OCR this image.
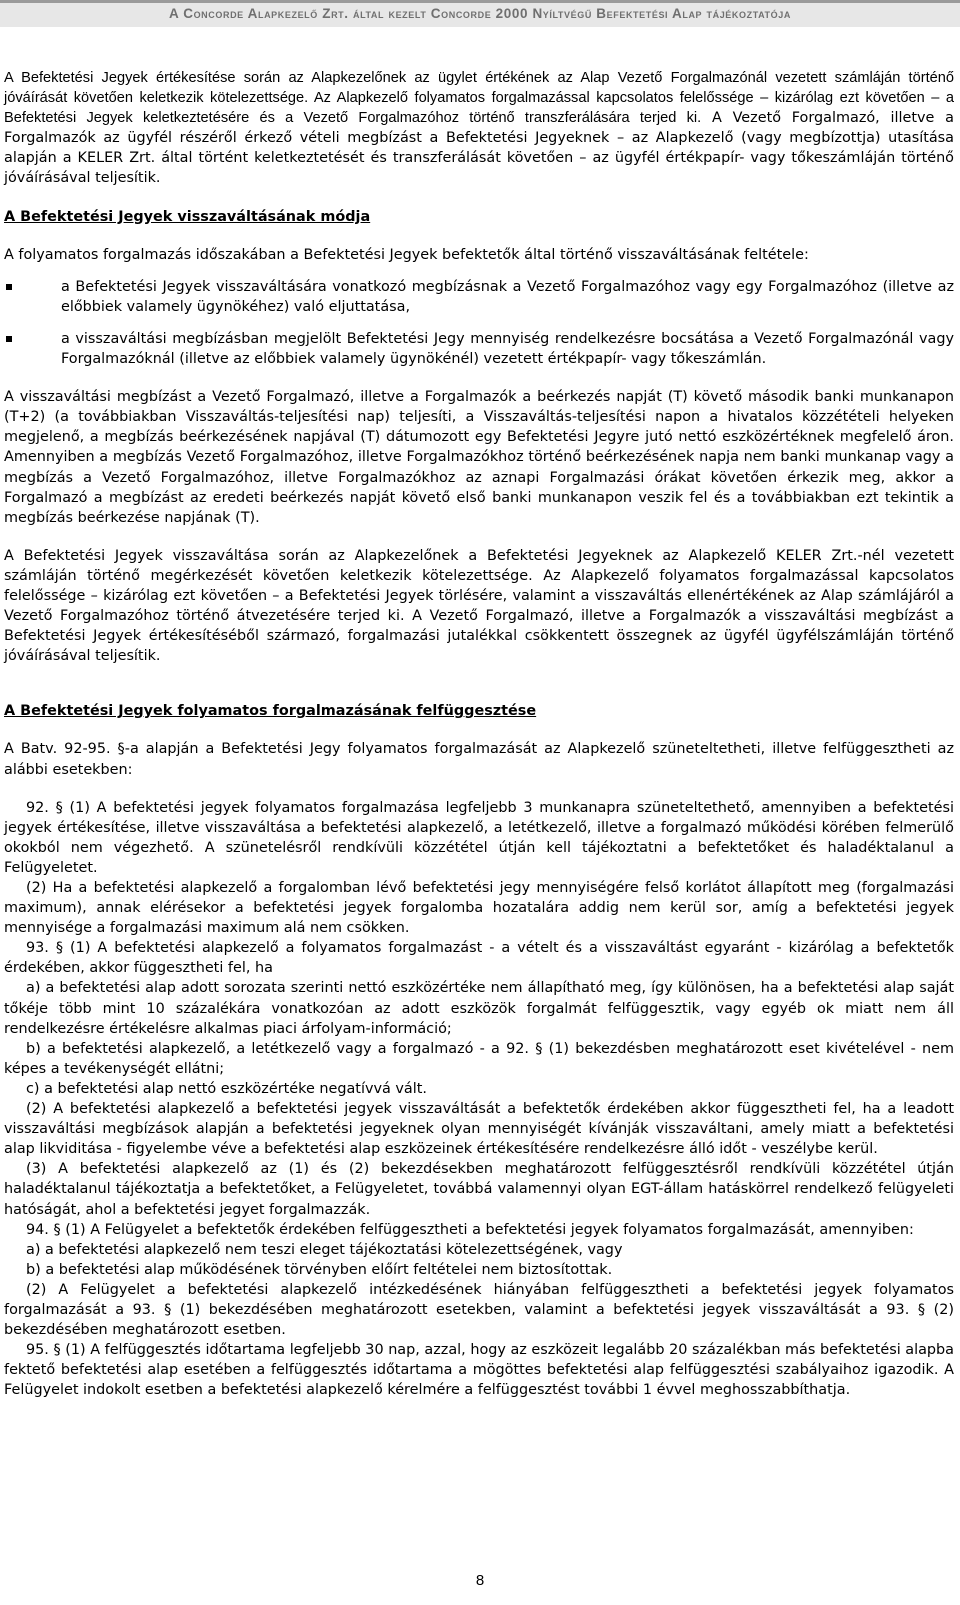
A Concorde Alapkezelő Zrt. által kezelt Concorde 2000 Nyíltvégű Befektetési Alap tájékoztatója

A Befektetési Jegyek értékesítése során az Alapkezelőnek az ügylet értékének az Alap Vezető Forgalmazónál vezetett számláján történő jóváírását követően keletkezik kötelezettsége. Az Alapkezelő folyamatos forgalmazással kapcsolatos felelőssége – kizárólag ezt követően – a Befektetési Jegyek keletkeztetésére és a Vezető Forgalmazóhoz történő transzferálására terjed ki. A Vezető Forgalmazó, illetve a Forgalmazók az ügyfél részéről érkező vételi megbízást a Befektetési Jegyeknek – az Alapkezelő (vagy megbízottja) utasítása alapján a KELER Zrt. által történt keletkeztetését és transzferálását követően – az ügyfél értékpapír- vagy tőkeszámláján történő jóváírásával teljesítik.

A Befektetési Jegyek visszaváltásának módja

A folyamatos forgalmazás időszakában a Befektetési Jegyek befektetők által történő visszaváltásának feltétele:

a Befektetési Jegyek visszaváltására vonatkozó megbízásnak a Vezető Forgalmazóhoz vagy egy Forgalmazóhoz (illetve az előbbiek valamely ügynökéhez) való eljuttatása,

a visszaváltási megbízásban megjelölt Befektetési Jegy mennyiség rendelkezésre bocsátása a Vezető Forgalmazónál vagy Forgalmazóknál (illetve az előbbiek valamely ügynökénél) vezetett értékpapír- vagy tőkeszámlán.

A visszaváltási megbízást a Vezető Forgalmazó, illetve a Forgalmazók a beérkezés napját (T) követő második banki munkanapon (T+2) (a továbbiakban Visszaváltás-teljesítési nap) teljesíti, a Visszaváltás-teljesítési napon a hivatalos közzétételi helyeken megjelenő, a megbízás beérkezésének napjával (T) dátumozott egy Befektetési Jegyre jutó nettó eszközértéknek megfelelő áron. Amennyiben a megbízás Vezető Forgalmazóhoz, illetve Forgalmazókhoz történő beérkezésének napja nem banki munkanap vagy a megbízás a Vezető Forgalmazóhoz, illetve Forgalmazókhoz az aznapi Forgalmazási órákat követően érkezik meg, akkor a Forgalmazó a megbízást az eredeti beérkezés napját követő első banki munkanapon veszik fel és a továbbiakban ezt tekintik a megbízás beérkezése napjának (T).

A Befektetési Jegyek visszaváltása során az Alapkezelőnek a Befektetési Jegyeknek az Alapkezelő KELER Zrt.-nél vezetett számláján történő megérkezését követően keletkezik kötelezettsége. Az Alapkezelő folyamatos forgalmazással kapcsolatos felelőssége – kizárólag ezt követően – a Befektetési Jegyek törlésére, valamint a visszaváltás ellenértékének az Alap számlájáról a Vezető Forgalmazóhoz történő átvezetésére terjed ki. A Vezető Forgalmazó, illetve a Forgalmazók a visszaváltási megbízást a Befektetési Jegyek értékesítéséből származó, forgalmazási jutalékkal csökkentett összegnek az ügyfél ügyfélszámláján történő jóváírásával teljesítik.

A Befektetési Jegyek folyamatos forgalmazásának felfüggesztése

A Batv. 92-95. §-a alapján a Befektetési Jegy folyamatos forgalmazását az Alapkezelő szüneteltetheti, illetve felfüggesztheti az alábbi esetekben:

92. § (1) A befektetési jegyek folyamatos forgalmazása legfeljebb 3 munkanapra szüneteltethető, amennyiben a befektetési jegyek értékesítése, illetve visszaváltása a befektetési alapkezelő, a letétkezelő, illetve a forgalmazó működési körében felmerülő okokból nem végezhető. A szünetelésről rendkívüli közzététel útján kell tájékoztatni a befektetőket és haladéktalanul a Felügyeletet.

(2) Ha a befektetési alapkezelő a forgalomban lévő befektetési jegy mennyiségére felső korlátot állapított meg (forgalmazási maximum), annak elérésekor a befektetési jegyek forgalomba hozatalára addig nem kerül sor, amíg a befektetési jegyek mennyisége a forgalmazási maximum alá nem csökken.

93. § (1) A befektetési alapkezelő a folyamatos forgalmazást - a vételt és a visszaváltást egyaránt - kizárólag a befektetők érdekében, akkor függesztheti fel, ha

a) a befektetési alap adott sorozata szerinti nettó eszközértéke nem állapítható meg, így különösen, ha a befektetési alap saját tőkéje több mint 10 százalékára vonatkozóan az adott eszközök forgalmát felfüggesztik, vagy egyéb ok miatt nem áll rendelkezésre értékelésre alkalmas piaci árfolyam-információ;

b) a befektetési alapkezelő, a letétkezelő vagy a forgalmazó - a 92. § (1) bekezdésben meghatározott eset kivételével - nem képes a tevékenységét ellátni;

c) a befektetési alap nettó eszközértéke negatívvá vált.

(2) A befektetési alapkezelő a befektetési jegyek visszaváltását a befektetők érdekében akkor függesztheti fel, ha a leadott visszaváltási megbízások alapján a befektetési jegyeknek olyan mennyiségét kívánják visszaváltani, amely miatt a befektetési alap likviditása - figyelembe véve a befektetési alap eszközeinek értékesítésére rendelkezésre álló időt - veszélybe kerül.

(3) A befektetési alapkezelő az (1) és (2) bekezdésekben meghatározott felfüggesztésről rendkívüli közzététel útján haladéktalanul tájékoztatja a befektetőket, a Felügyeletet, továbbá valamennyi olyan EGT-állam hatáskörrel rendelkező felügyeleti hatóságát, ahol a befektetési jegyet forgalmazzák.

94. § (1) A Felügyelet a befektetők érdekében felfüggesztheti a befektetési jegyek folyamatos forgalmazását, amennyiben:

a) a befektetési alapkezelő nem teszi eleget tájékoztatási kötelezettségének, vagy

b) a befektetési alap működésének törvényben előírt feltételei nem biztosítottak.

(2) A Felügyelet a befektetési alapkezelő intézkedésének hiányában felfüggesztheti a befektetési jegyek folyamatos forgalmazását a 93. § (1) bekezdésében meghatározott esetekben, valamint a befektetési jegyek visszaváltását a 93. § (2) bekezdésében meghatározott esetben.

95. § (1) A felfüggesztés időtartama legfeljebb 30 nap, azzal, hogy az eszközeit legalább 20 százalékban más befektetési alapba fektető befektetési alap esetében a felfüggesztés időtartama a mögöttes befektetési alap felfüggesztési szabályaihoz igazodik. A Felügyelet indokolt esetben a befektetési alapkezelő kérelmére a felfüggesztést további 1 évvel meghosszabbíthatja.

8
